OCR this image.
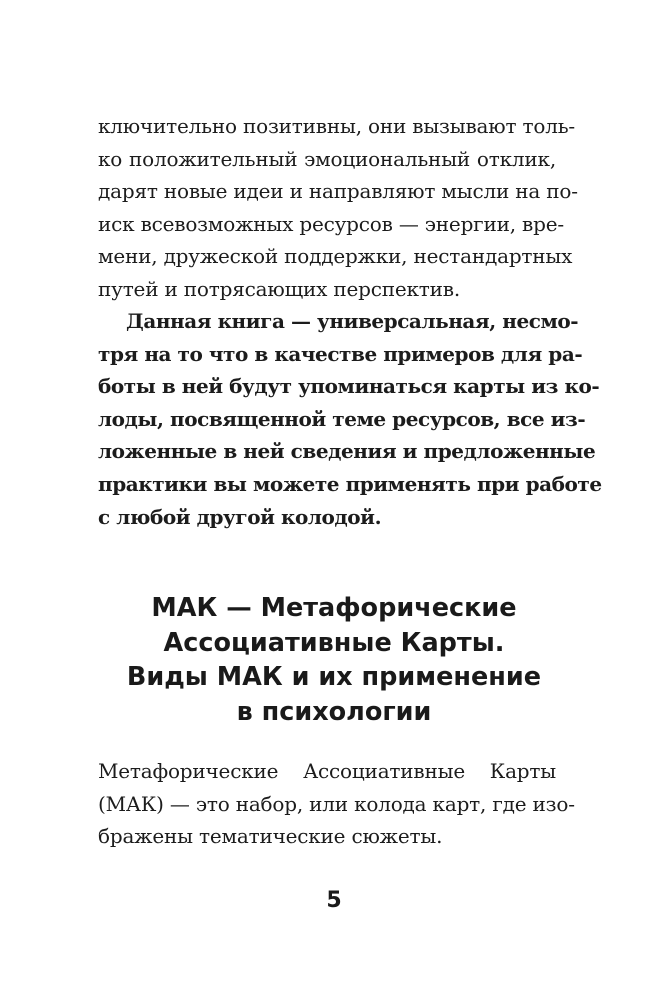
ключительно позитивны, они вызывают толь-
ко положительный эмоциональный отклик,
дарят новые идеи и направляют мысли на по-
иск всевозможных ресурсов — энергии, вре-
мени, дружеской поддержки, нестандартных
путей и потрясающих перспектив.
Данная книга — универсальная, несмо-
тря на то что в качестве примеров для ра-
боты в ней будут упоминаться карты из ко-
лоды, посвященной теме ресурсов, все из-
ложенные в ней сведения и предложенные
практики вы можете применять при работе
с любой другой колодой.
МАК — Метафорические
Ассоциативные Карты.
Виды МАК и их применение
в психологии
Метафорические Ассоциативные Карты
(МАК) — это набор, или колода карт, где изо-
бражены тематические сюжеты.
5
